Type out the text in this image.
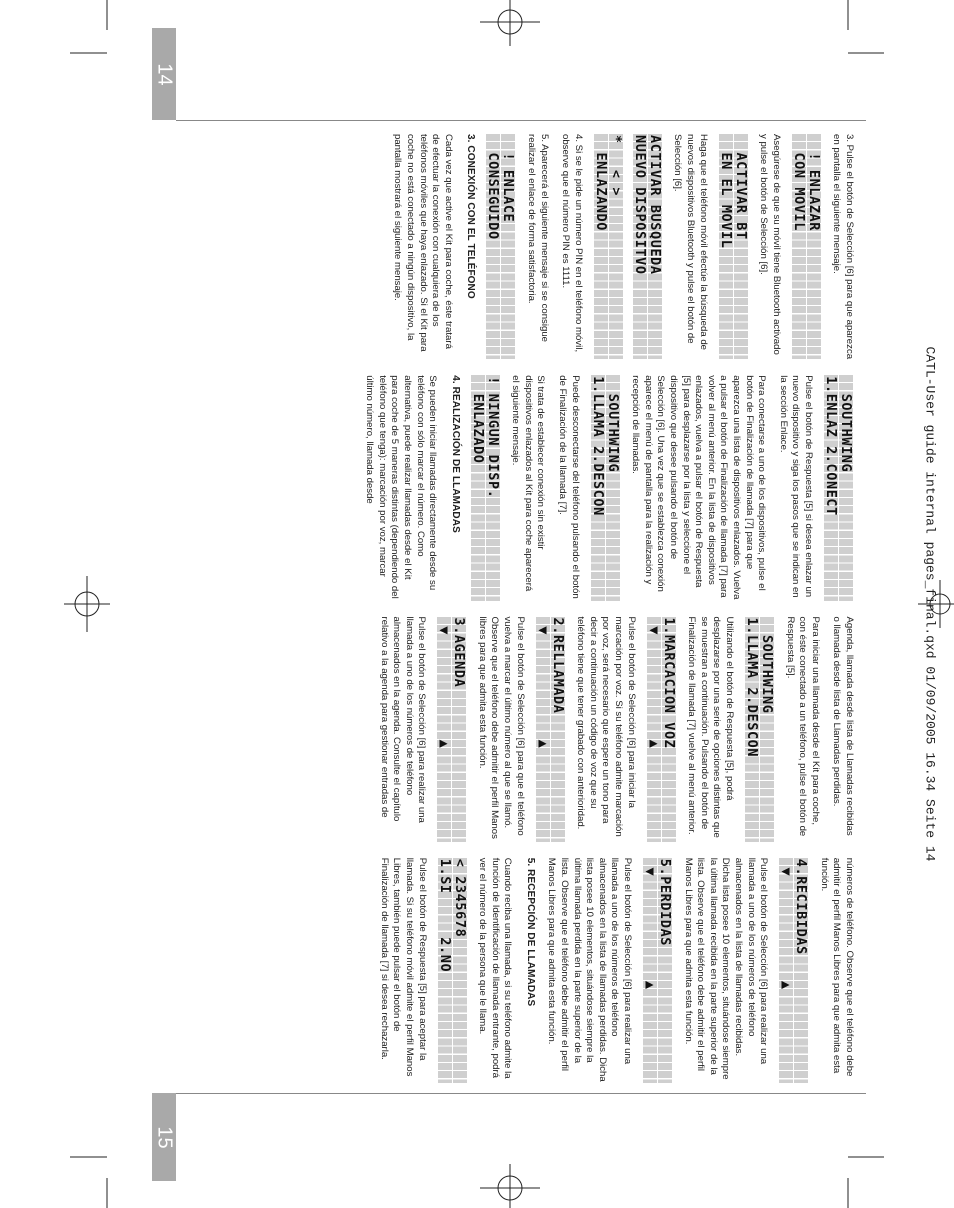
CATL-User guide internal pages_final.qxd 01/09/2005 16.34 Seite 14
14
15

3. Pulse el botón de Selección [6] para que aparezca en pantalla el siguiente mensaje.

! ENLAZAR
CON MOVIL

Asegúrese de que su móvil tiene Bluetooth activado y pulse el botón de Selección [6].

ACTIVAR BT
EN EL MOVIL

Haga que el teléfono móvil efectúe la búsqueda de nuevos dispositivos Bluetooth y pulse el botón de Selección [6].

ACTIVAR BUSQUEDA
NUEVO DISPOSITVO
*   < >
ENLAZANDO

4. Si se le pide un número PIN en el teléfono móvil, observe que el número PIN es 1111.

5. Aparecerá el siguiente mensaje si se consigue realizar el enlace de forma satisfactoria.

! ENLACE
CONSEGUIDO
3. CONEXIÓN CON EL TELÉFONO

Cada vez que active el Kit para coche, éste tratará de efectuar la conexión con cualquiera de los teléfonos móviles que haya enlazado. Si el Kit para coche no está conectado a ningún dispositivo, la pantalla mostrará el siguiente mensaje.

SOUTHWING
1.ENLAZ 2.CONECT

Pulse el botón de Respuesta [5] si desea enlazar un nuevo dispositivo y siga los pasos que se indican en la sección Enlace.

Para conectarse a uno de los dispositivos, pulse el botón de Finalización de llamada [7] para que aparezca una lista de dispositivos enlazados. Vuelva a pulsar el botón de Finalización de llamada [7] para volver al menú anterior. En la lista de dispositivos enlazados, vuelva a pulsar el botón de Respuesta [5] para desplazarse por la lista y seleccione el dispositivo que desee pulsando el botón de Selección [6]. Una vez que se establezca conexión aparece el menú de pantalla para la realización y recepción de llamadas.

SOUTHWING
1.LLAMA 2.DESCON

Puede desconectarse del teléfono pulsando el botón de Finalización de la llamada [7].

Si trata de establecer conexión sin existir dispositivos enlazados al Kit para coche aparecerá el siguiente mensaje.

! NINGUN DISP.
ENLAZADO
4. REALIZACIÓN DE LLAMADAS

Se pueden iniciar llamadas directamente desde su teléfono con sólo marcar el número. Como alternativa, puede realizar llamadas desde el Kit para coche de 5 maneras distintas (dependiendo del teléfono que tenga): marcación por voz, marcar último número, llamada desde

Agenda, llamada desde lista de Llamadas recibidas o llamada desde lista de Llamadas perdidas.

Para iniciar una llamada desde el Kit para coche, con éste conectado a un teléfono, pulse el botón de Respuesta [5].

SOUTHWING
1.LLAMA 2.DESCON

Utilizando el botón de Respuesta [5], podrá desplazarse por una serie de opciones distintas que se muestran a continuación. Pulsando el botón de Finalización de llamada [7] vuelve al menú anterior.

1.MARCACION VOZ
▼            ▲

Pulse el botón de Selección [6] para iniciar la marcación por voz. Si su teléfono admite marcación por voz, será necesario que espere un tono para decir a continuación un código de voz que su teléfono tiene que tener grabado con anterioridad.

2.RELLAMADA
▼            ▲

Pulse el botón de Selección [6] para que el teléfono vuelva a marcar el último número al que se llamó. Observe que el teléfono debe admitir el perfil Manos libres para que admita esta función.

3.AGENDA
▼            ▲

Pulse el botón de Selección [6] para realizar una llamada a uno de los números de teléfono almacenados en la agenda. Consulte el capítulo relativo a la agenda para gestionar entradas de

números de teléfono. Observe que el teléfono debe admitir el perfil Manos Libres para que admita esta función.

4.RECIBIDAS
▼            ▲

Pulse el botón de Selección [6] para realizar una llamada a uno de los números de teléfono almacenados en la lista de llamadas recibidas. Dicha lista posee 10 elementos, situándose siempre la última llamada recibida en la parte superior de la lista. Observe que el teléfono debe admitir el perfil Manos Libres para que admita esta función.

5.PERDIDAS
▼            ▲

Pulse el botón de Selección [6] para realizar una llamada a uno de los números de teléfono almacenados en la lista de llamadas perdidas. Dicha lista posee 10 elementos, situándose siempre la última llamada perdida en la parte superior de la lista. Observe que el teléfono debe admitir el perfil Manos Libres para que admita esta función.

5. RECEPCIÓN DE LLAMADAS

Cuando reciba una llamada, si su teléfono admite la función de Identificación de llamada entrante, podrá ver el número de la persona que le llama.

< 2345678
1.SI     2.NO

Pulse el botón de Respuesta [5] para aceptar la llamada. Si su teléfono móvil admite el perfil Manos Libres, también puede pulsar el botón de Finalización de llamada [7] si desea rechazarla.
